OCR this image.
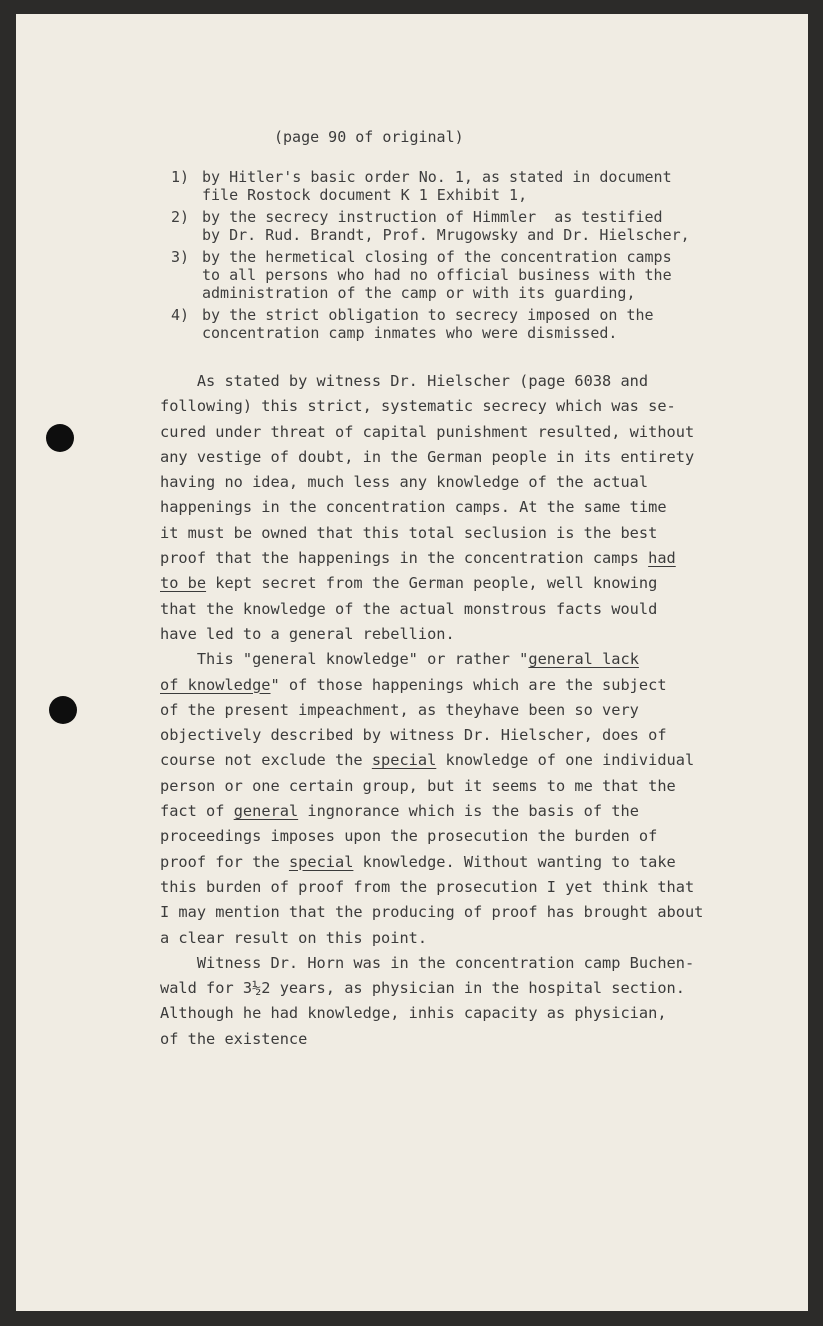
(page 90 of original)
1) by Hitler's basic order No. 1, as stated in document
file Rostock document K 1 Exhibit 1,
2) by the secrecy instruction of Himmler  as testified
by Dr. Rud. Brandt, Prof. Mrugowsky and Dr. Hielscher,
3) by the hermetical closing of the concentration camps
to all persons who had no official business with the
administration of the camp or with its guarding,
4) by the strict obligation to secrecy imposed on the
concentration camp inmates who were dismissed.
As stated by witness Dr. Hielscher (page 6038 and
following) this strict, systematic secrecy which was se-
cured under threat of capital punishment resulted, without
any vestige of doubt, in the German people in its entirety
having no idea, much less any knowledge of the actual
happenings in the concentration camps. At the same time
it must be owned that this total seclusion is the best
proof that the happenings in the concentration camps had
to be kept secret from the German people, well knowing
that the knowledge of the actual monstrous facts would
have led to a general rebellion.
This "general knowledge" or rather "general lack
of knowledge" of those happenings which are the subject
of the present impeachment, as theyhave been so very
objectively described by witness Dr. Hielscher, does of
course not exclude the special knowledge of one individual
person or one certain group, but it seems to me that the
fact of general ingnorance which is the basis of the
proceedings imposes upon the prosecution the burden of
proof for the special knowledge. Without wanting to take
this burden of proof from the prosecution I yet think that
I may mention that the producing of proof has brought about
a clear result on this point.
Witness Dr. Horn was in the concentration camp Buchen-
wald for 3½2 years, as physician in the hospital section.
Although he had knowledge, inhis capacity as physician,
of the existence
